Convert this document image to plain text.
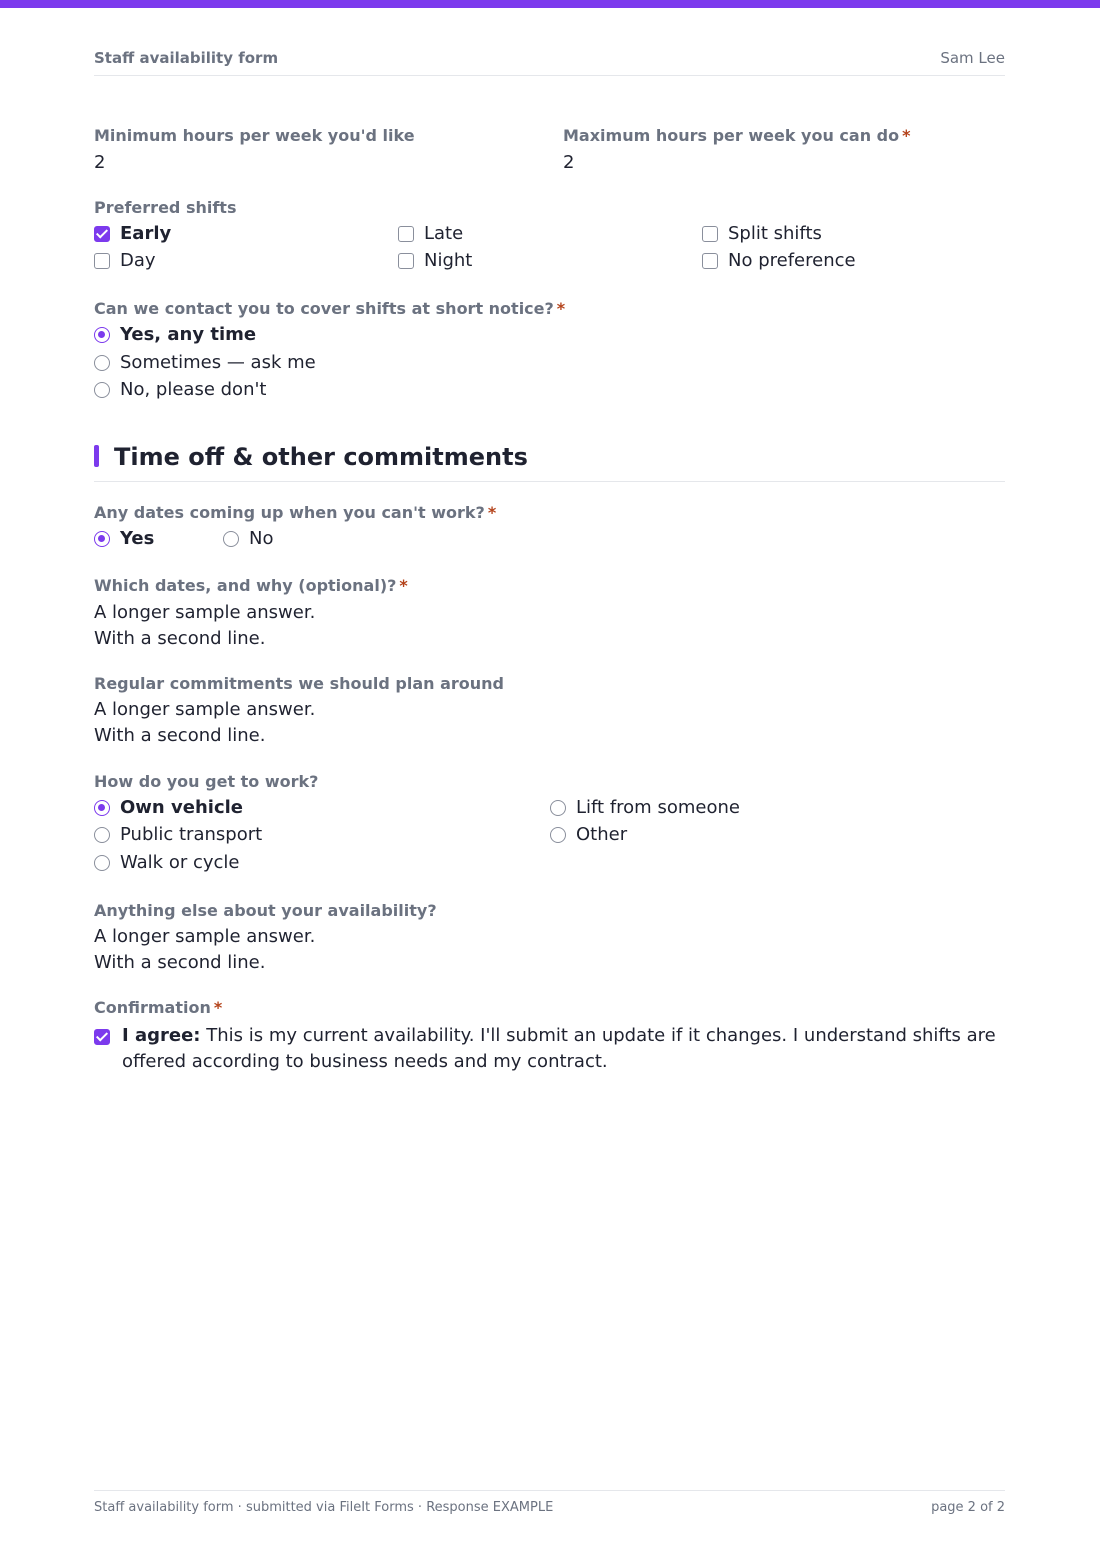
Staff availability form	Sam Lee
Minimum hours per week you'd like
2
Maximum hours per week you can do *
2
Preferred shifts
Early	Late	Split shifts
Day	Night	No preference
Can we contact you to cover shifts at short notice? *
Yes, any time
Sometimes — ask me
No, please don't
Time off & other commitments
Any dates coming up when you can't work? *
Yes	No
Which dates, and why (optional)? *
A longer sample answer.
With a second line.
Regular commitments we should plan around
A longer sample answer.
With a second line.
How do you get to work?
Own vehicle	Lift from someone
Public transport	Other
Walk or cycle
Anything else about your availability?
A longer sample answer.
With a second line.
Confirmation *
I agree: This is my current availability. I'll submit an update if it changes. I understand shifts are offered according to business needs and my contract.
Staff availability form · submitted via FileIt Forms · Response EXAMPLE	page 2 of 2
